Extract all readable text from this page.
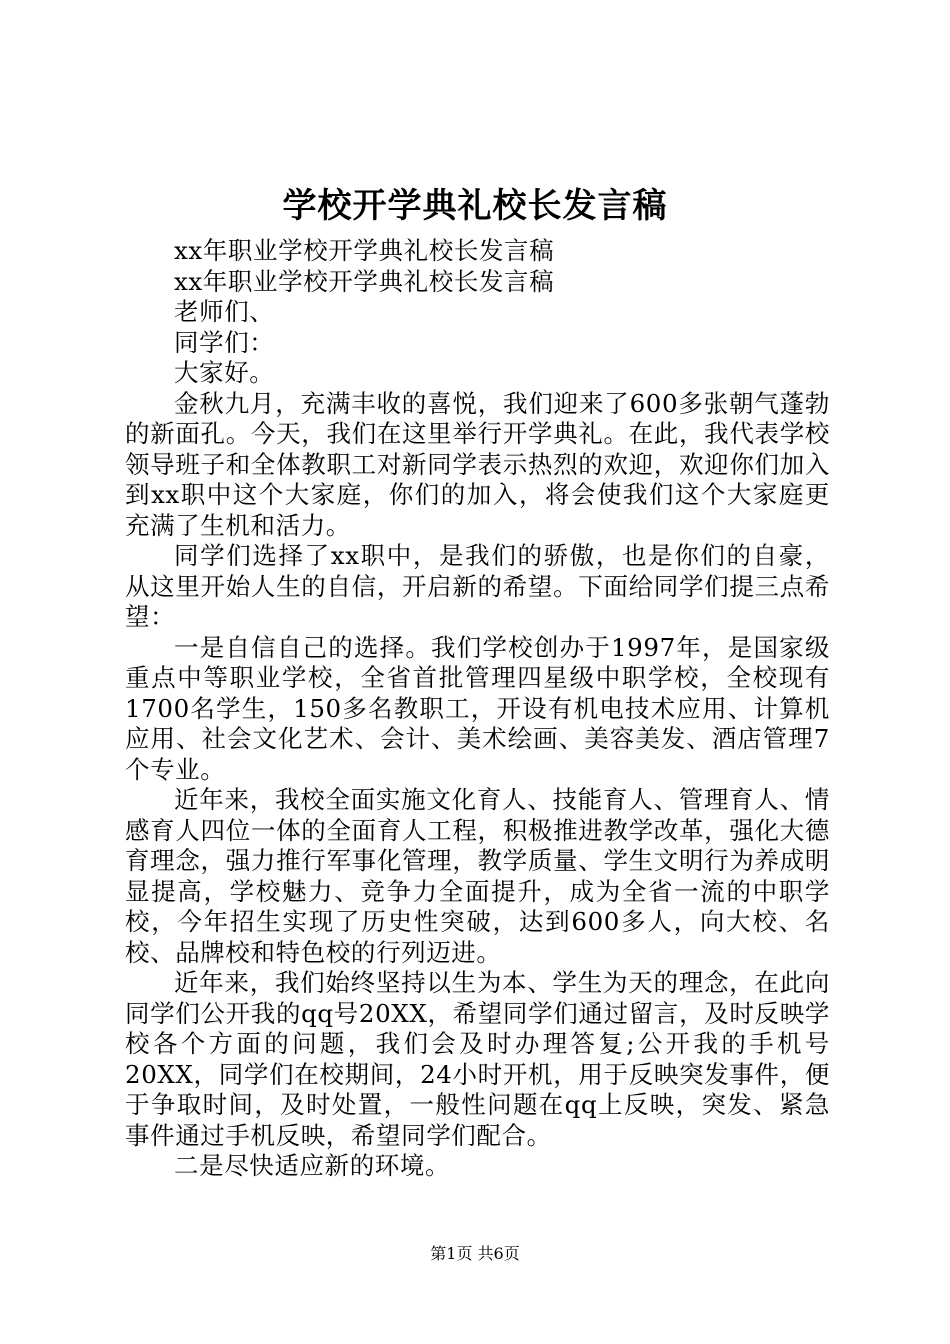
学校开学典礼校长发言稿

xx年职业学校开学典礼校长发言稿

xx年职业学校开学典礼校长发言稿

老师们、

同学们：

大家好。

金秋九月，充满丰收的喜悦，我们迎来了600多张朝气蓬勃的新面孔。今天，我们在这里举行开学典礼。在此，我代表学校领导班子和全体教职工对新同学表示热烈的欢迎，欢迎你们加入到xx职中这个大家庭，你们的加入，将会使我们这个大家庭更充满了生机和活力。

同学们选择了xx职中，是我们的骄傲，也是你们的自豪，从这里开始人生的自信，开启新的希望。下面给同学们提三点希望：

一是自信自己的选择。我们学校创办于1997年，是国家级重点中等职业学校，全省首批管理四星级中职学校，全校现有1700名学生，150多名教职工，开设有机电技术应用、计算机应用、社会文化艺术、会计、美术绘画、美容美发、酒店管理7个专业。

近年来，我校全面实施文化育人、技能育人、管理育人、情感育人四位一体的全面育人工程，积极推进教学改革，强化大德育理念，强力推行军事化管理，教学质量、学生文明行为养成明显提高，学校魅力、竞争力全面提升，成为全省一流的中职学校，今年招生实现了历史性突破，达到600多人，向大校、名校、品牌校和特色校的行列迈进。

近年来，我们始终坚持以生为本、学生为天的理念，在此向同学们公开我的qq号20XX，希望同学们通过留言，及时反映学校各个方面的问题，我们会及时办理答复;公开我的手机号20XX，同学们在校期间，24小时开机，用于反映突发事件，便于争取时间，及时处置，一般性问题在qq上反映，突发、紧急事件通过手机反映，希望同学们配合。

二是尽快适应新的环境。

第1页 共6页
